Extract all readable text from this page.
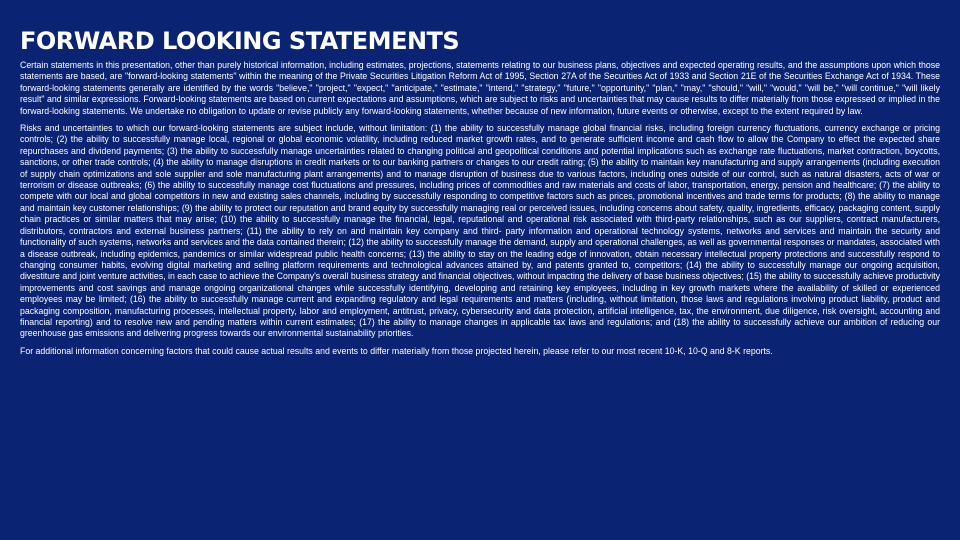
FORWARD LOOKING STATEMENTS

Certain statements in this presentation, other than purely historical information, including estimates, projections, statements relating to our business plans, objectives and expected operating results, and the assumptions upon which those statements are based, are "forward-looking statements" within the meaning of the Private Securities Litigation Reform Act of 1995, Section 27A of the Securities Act of 1933 and Section 21E of the Securities Exchange Act of 1934. These forward-looking statements generally are identified by the words "believe," "project," "expect," "anticipate," "estimate," "intend," "strategy," "future," "opportunity," "plan," "may," "should," "will," "would," "will be," "will continue," "will likely result" and similar expressions. Forward-looking statements are based on current expectations and assumptions, which are subject to risks and uncertainties that may cause results to differ materially from those expressed or implied in the forward-looking statements. We undertake no obligation to update or revise publicly any forward-looking statements, whether because of new information, future events or otherwise, except to the extent required by law.

Risks and uncertainties to which our forward-looking statements are subject include, without limitation: (1) the ability to successfully manage global financial risks, including foreign currency fluctuations, currency exchange or pricing controls; (2) the ability to successfully manage local, regional or global economic volatility, including reduced market growth rates, and to generate sufficient income and cash flow to allow the Company to effect the expected share repurchases and dividend payments; (3) the ability to successfully manage uncertainties related to changing political and geopolitical conditions and potential implications such as exchange rate fluctuations, market contraction, boycotts, sanctions, or other trade controls; (4) the ability to manage disruptions in credit markets or to our banking partners or changes to our credit rating; (5) the ability to maintain key manufacturing and supply arrangements (including execution of supply chain optimizations and sole supplier and sole manufacturing plant arrangements) and to manage disruption of business due to various factors, including ones outside of our control, such as natural disasters, acts of war or terrorism or disease outbreaks; (6) the ability to successfully manage cost fluctuations and pressures, including prices of commodities and raw materials and costs of labor, transportation, energy, pension and healthcare; (7) the ability to compete with our local and global competitors in new and existing sales channels, including by successfully responding to competitive factors such as prices, promotional incentives and trade terms for products; (8) the ability to manage and maintain key customer relationships; (9) the ability to protect our reputation and brand equity by successfully managing real or perceived issues, including concerns about safety, quality, ingredients, efficacy, packaging content, supply chain practices or similar matters that may arise; (10) the ability to successfully manage the financial, legal, reputational and operational risk associated with third-party relationships, such as our suppliers, contract manufacturers, distributors, contractors and external business partners; (11) the ability to rely on and maintain key company and third- party information and operational technology systems, networks and services and maintain the security and functionality of such systems, networks and services and the data contained therein; (12) the ability to successfully manage the demand, supply and operational challenges, as well as governmental responses or mandates, associated with a disease outbreak, including epidemics, pandemics or similar widespread public health concerns; (13) the ability to stay on the leading edge of innovation, obtain necessary intellectual property protections and successfully respond to changing consumer habits, evolving digital marketing and selling platform requirements and technological advances attained by, and patents granted to, competitors; (14) the ability to successfully manage our ongoing acquisition, divestiture and joint venture activities, in each case to achieve the Company's overall business strategy and financial objectives, without impacting the delivery of base business objectives; (15) the ability to successfully achieve productivity improvements and cost savings and manage ongoing organizational changes while successfully identifying, developing and retaining key employees, including in key growth markets where the availability of skilled or experienced employees may be limited; (16) the ability to successfully manage current and expanding regulatory and legal requirements and matters (including, without limitation, those laws and regulations involving product liability, product and packaging composition, manufacturing processes, intellectual property, labor and employment, antitrust, privacy, cybersecurity and data protection, artificial intelligence, tax, the environment, due diligence, risk oversight, accounting and financial reporting) and to resolve new and pending matters within current estimates; (17) the ability to manage changes in applicable tax laws and regulations; and (18) the ability to successfully achieve our ambition of reducing our greenhouse gas emissions and delivering progress towards our environmental sustainability priorities.

For additional information concerning factors that could cause actual results and events to differ materially from those projected herein, please refer to our most recent 10-K, 10-Q and 8-K reports.
